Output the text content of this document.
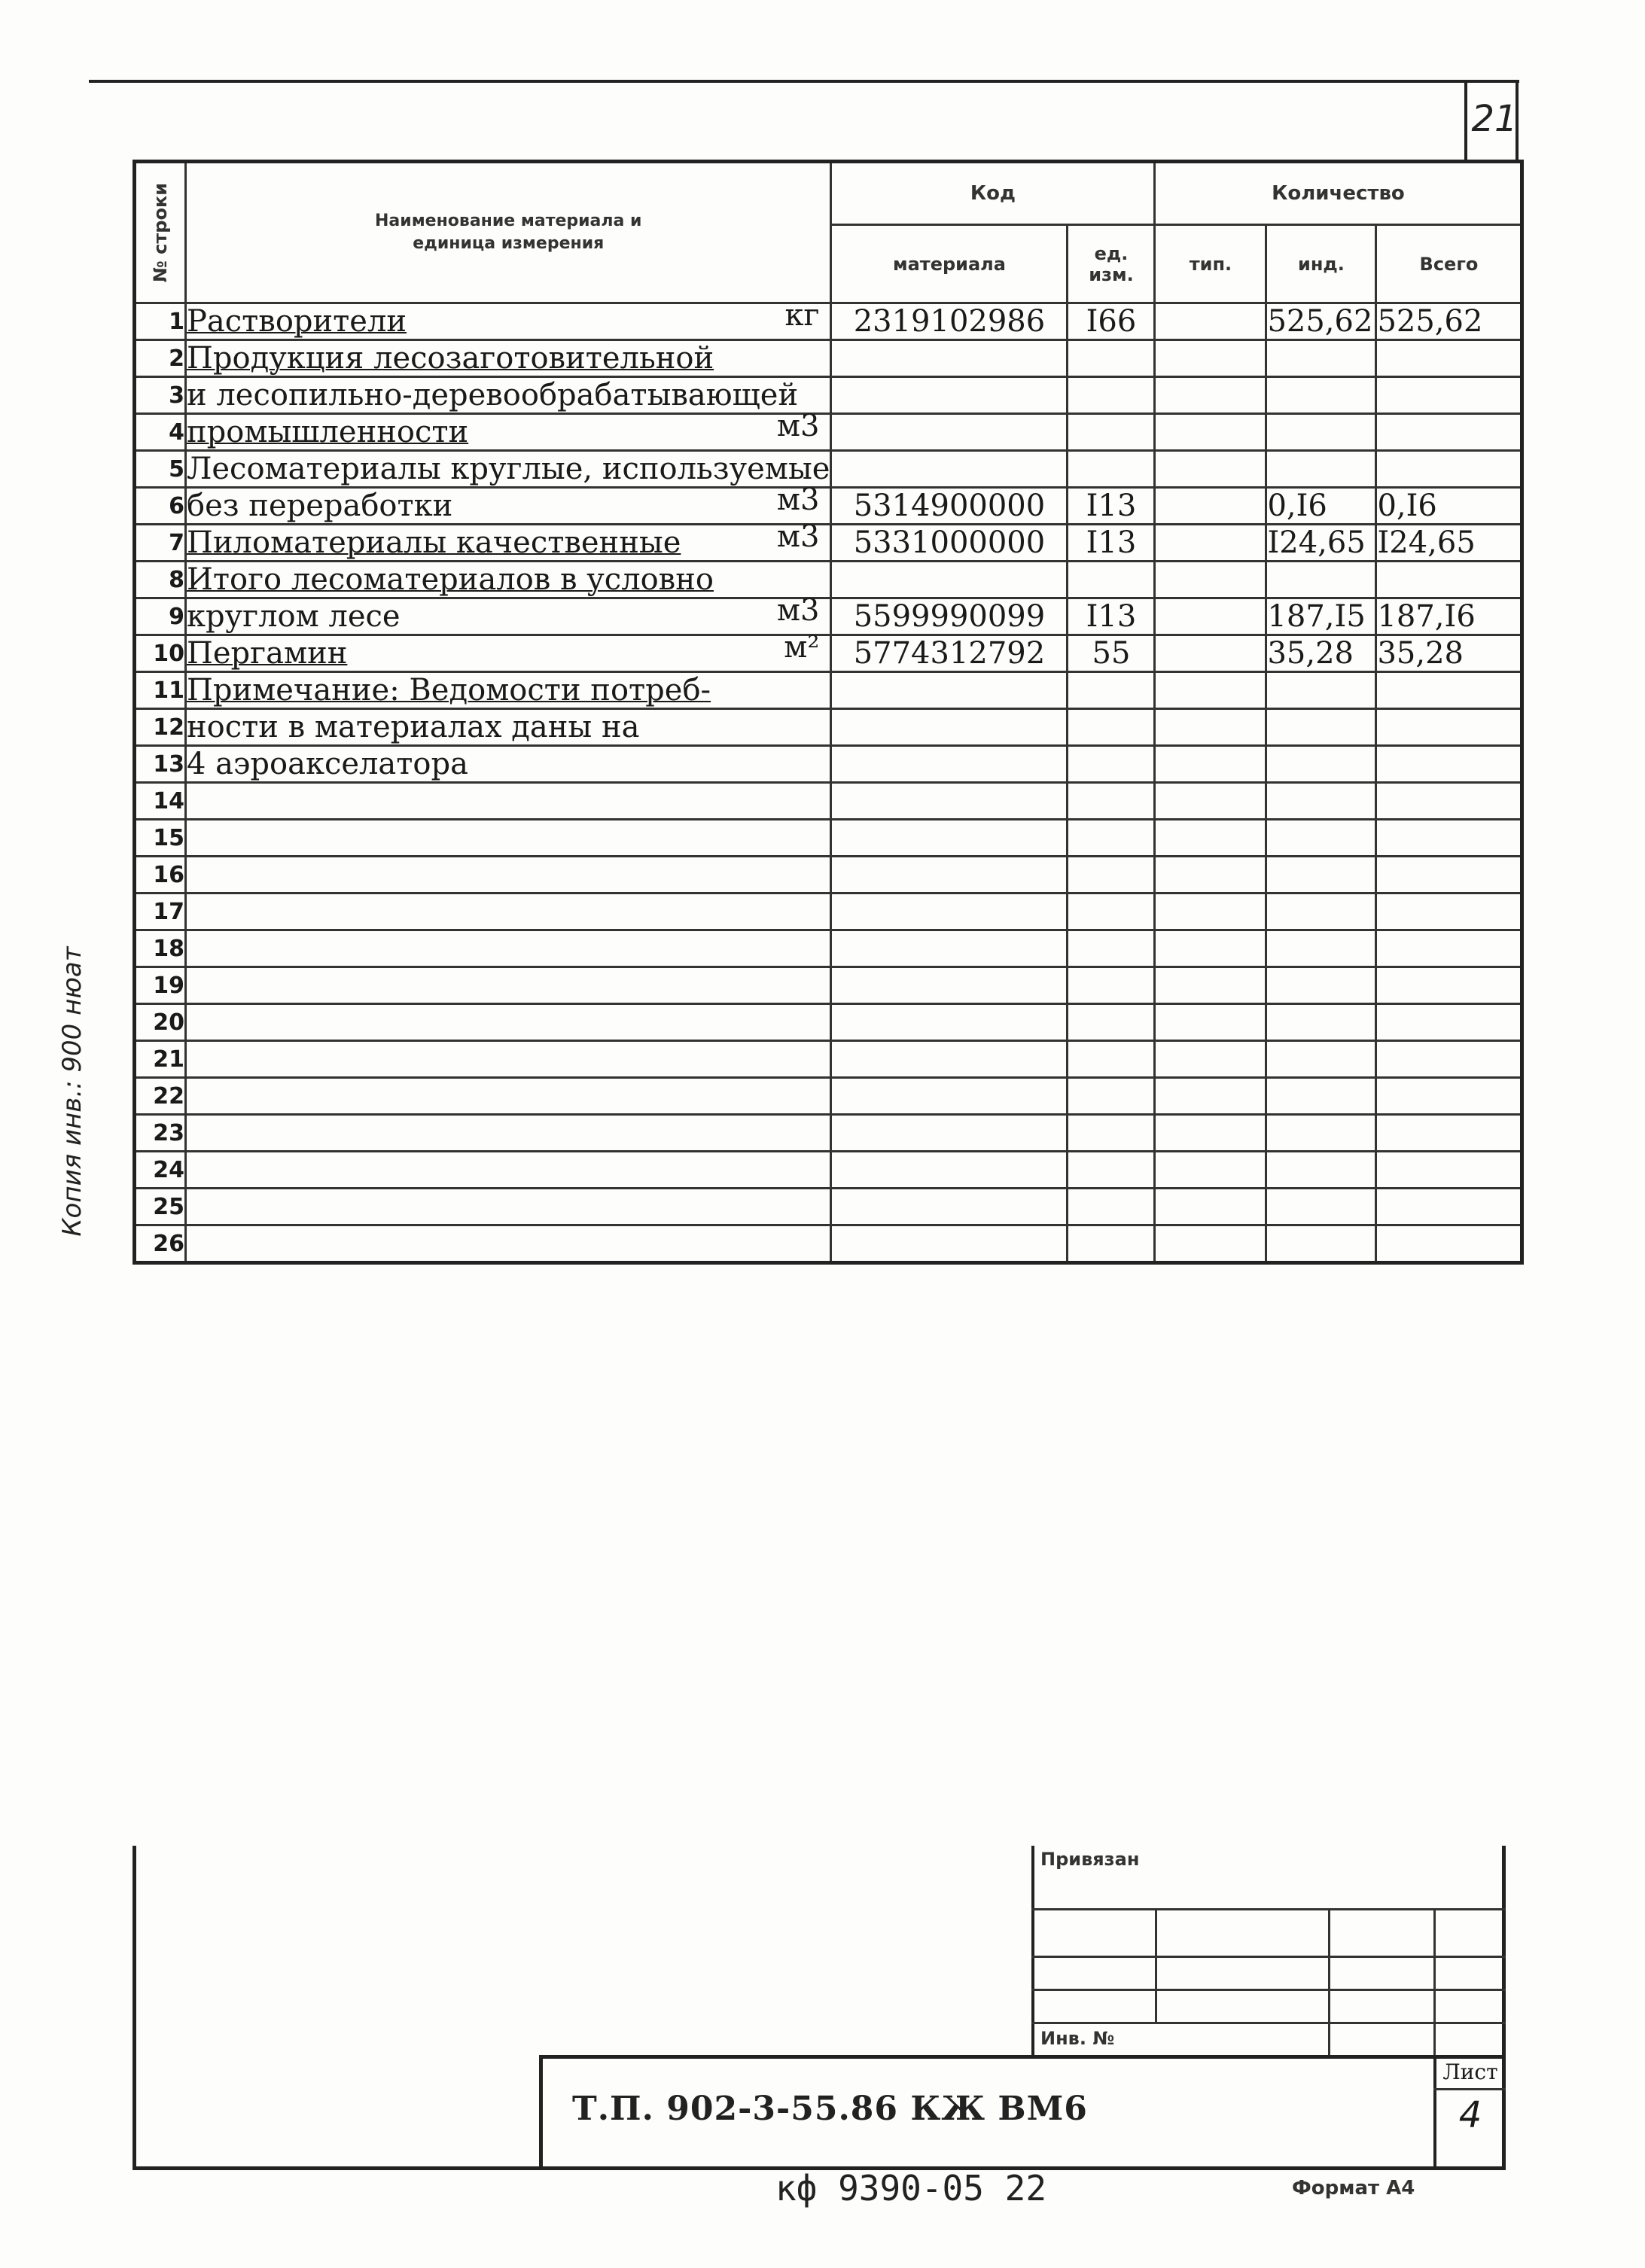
21
Копия инв.: 900 нюат
№ строки	Наименование материала и единица измерения	Код		Количество		
		материала	ед. изм.	тип.	инд.	Всего
1	Растворители кг	2319102986	I66		525,62	525,62
2	Продукция лесозаготовительной

3	и лесопильно-деревообрабатывающей

4	промышленности м3					

5	Лесоматериалы круглые, используемые

6	без переработки м3	5314900000	I13		0,I6	0,I6
7	Пиломатериалы качественные м3	5331000000	I13		I24,65	I24,65
8	Итого лесоматериалов в условно

9	круглом лесе м3	5599990099	I13		187,I5	187,I6
10	Пергамин м²	5774312792	55		35,28	35,28
11	Примечание: Ведомости потреб-

12	ности в материалах даны на

13	4 аэроакселатора

14	

15	

16	

17	

18	

19	

20	

21	

22	

23	

24	

25	

26	

Привязан
Инв. №
Т.П. 902-3-55.86 КЖ ВМ6
Лист
4
кф 9390-05 22	Формат А4
